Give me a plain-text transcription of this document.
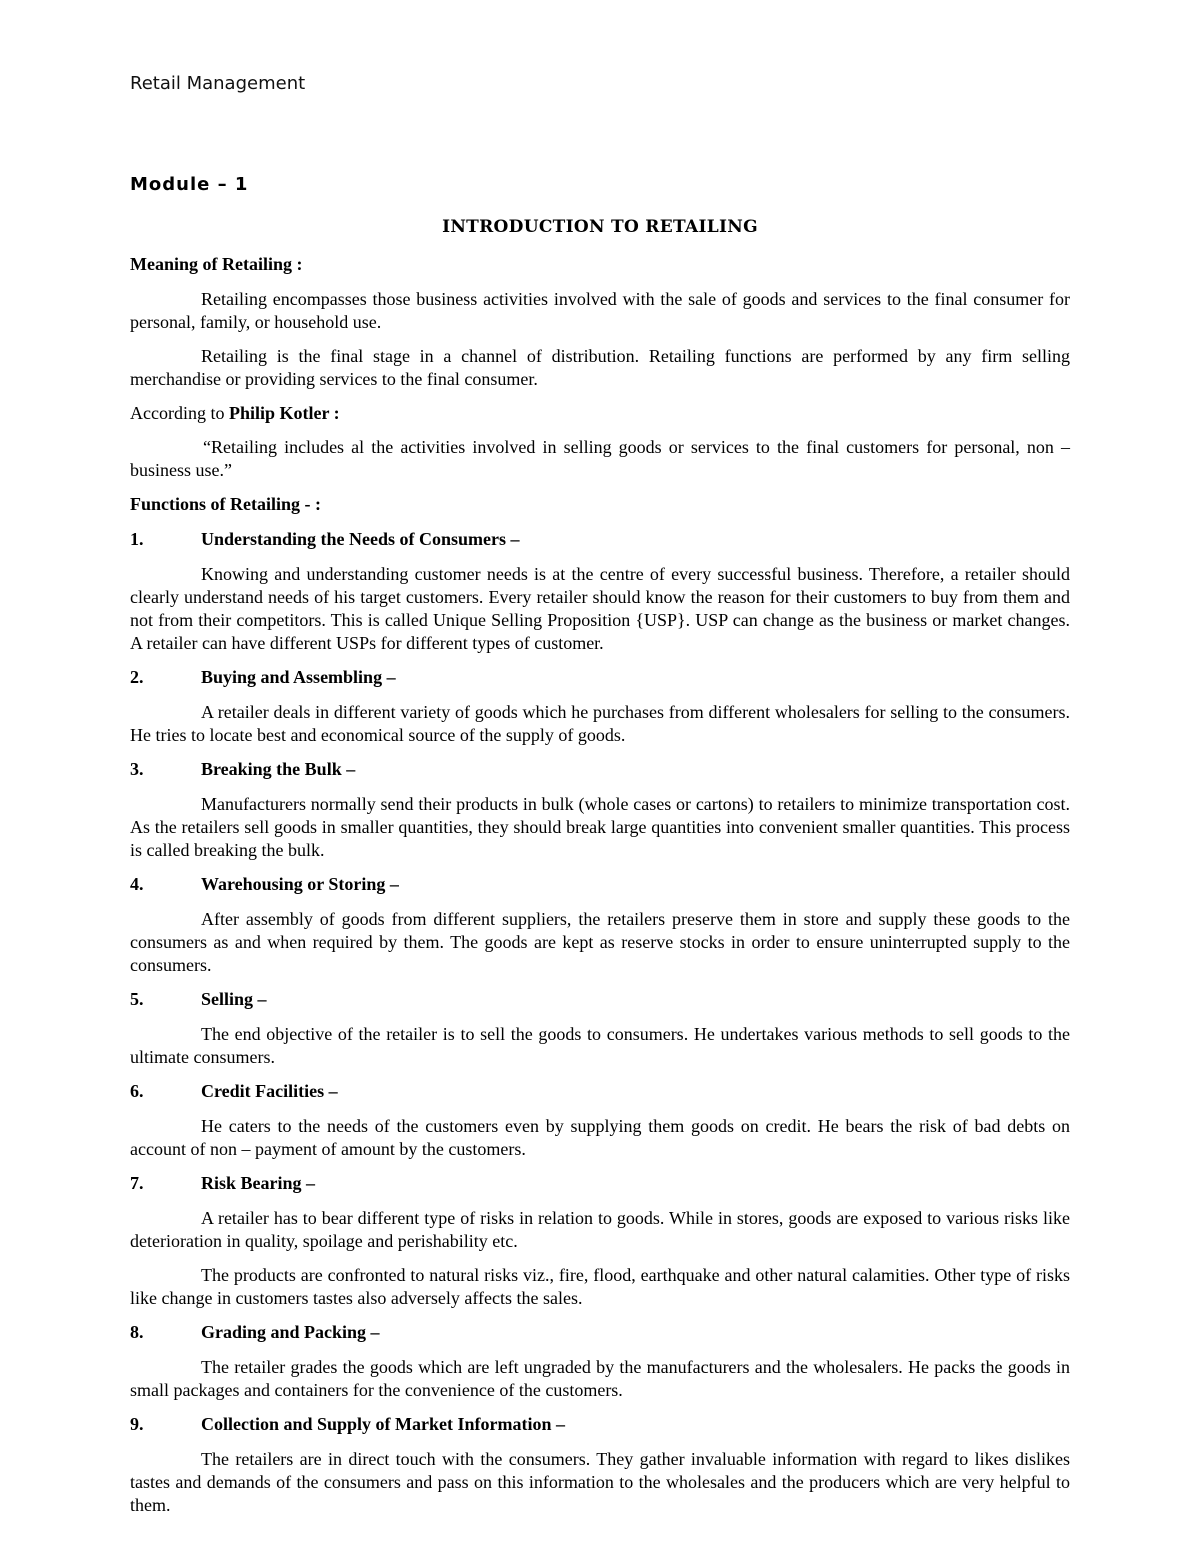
Retail Management
Module – 1
INTRODUCTION TO RETAILING
Meaning of Retailing :

Retailing encompasses those business activities involved with the sale of goods and services to the final consumer for personal, family, or household use.

Retailing is the final stage in a channel of distribution. Retailing functions are performed by any firm selling merchandise or providing services to the final consumer.

According to Philip Kotler :

“Retailing includes al the activities involved in selling goods or services to the final customers for personal, non – business use.”

Functions of Retailing - :
1.	Understanding the Needs of Consumers –

Knowing and understanding customer needs is at the centre of every successful business. Therefore, a retailer should clearly understand needs of his target customers. Every retailer should know the reason for their customers to buy from them and not from their competitors. This is called Unique Selling Proposition {USP}. USP can change as the business or market changes. A retailer can have different USPs for different types of customer.

2.	Buying and Assembling –

A retailer deals in different variety of goods which he purchases from different wholesalers for selling to the consumers. He tries to locate best and economical source of the supply of goods.

3.	Breaking the Bulk –

Manufacturers normally send their products in bulk (whole cases or cartons) to retailers to minimize transportation cost. As the retailers sell goods in smaller quantities, they should break large quantities into convenient smaller quantities. This process is called breaking the bulk.

4.	Warehousing or Storing –

After assembly of goods from different suppliers, the retailers preserve them in store and supply these goods to the consumers as and when required by them. The goods are kept as reserve stocks in order to ensure uninterrupted supply to the consumers.

5.	Selling –

The end objective of the retailer is to sell the goods to consumers. He undertakes various methods to sell goods to the ultimate consumers.

6.	Credit Facilities –

He caters to the needs of the customers even by supplying them goods on credit. He bears the risk of bad debts on account of non – payment of amount by the customers.

7.	Risk Bearing –

A retailer has to bear different type of risks in relation to goods. While in stores, goods are exposed to various risks like deterioration in quality, spoilage and perishability etc.

The products are confronted to natural risks viz., fire, flood, earthquake and other natural calamities. Other type of risks like change in customers tastes also adversely affects the sales.

8.	Grading and Packing –

The retailer grades the goods which are left ungraded by the manufacturers and the wholesalers. He packs the goods in small packages and containers for the convenience of the customers.

9.	Collection and Supply of Market Information –

The retailers are in direct touch with the consumers. They gather invaluable information with regard to likes dislikes tastes and demands of the consumers and pass on this information to the wholesales and the producers which are very helpful to them.
